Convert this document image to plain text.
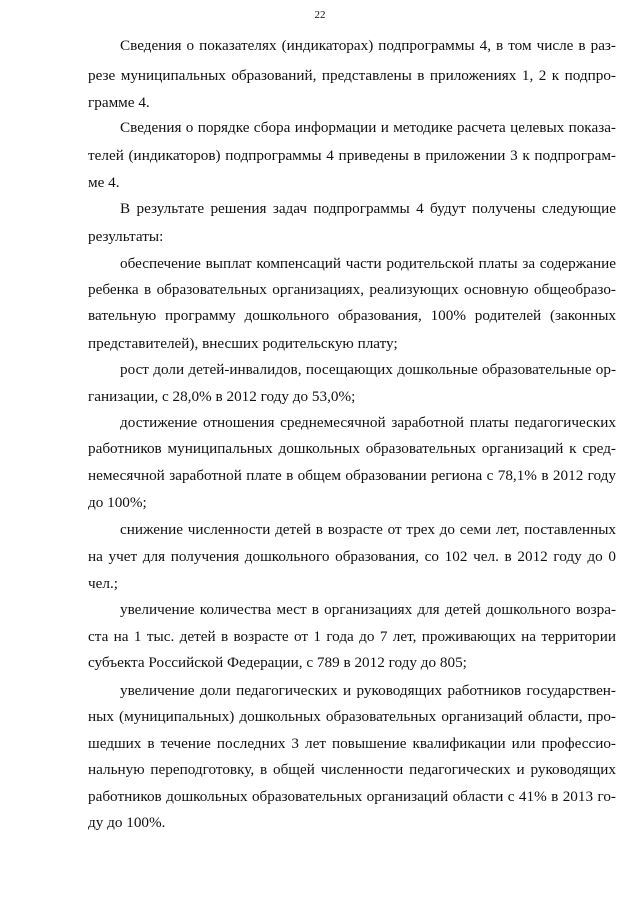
22
Сведения о показателях (индикаторах) подпрограммы 4, в том числе в раз-
резе муниципальных образований, представлены в приложениях 1, 2 к подпро-
грамме 4.
Сведения о порядке сбора информации и методике расчета целевых показа-
телей (индикаторов) подпрограммы 4 приведены в приложении 3 к подпрограм-
ме 4.
В результате решения задач подпрограммы 4 будут получены следующие
результаты:
обеспечение выплат компенсаций части родительской платы за содержание
ребенка в образовательных организациях, реализующих основную общеобразо-
вательную программу дошкольного образования, 100% родителей (законных
представителей), внесших родительскую плату;
рост доли детей-инвалидов, посещающих дошкольные образовательные ор-
ганизации, с 28,0% в 2012 году до 53,0%;
достижение отношения среднемесячной заработной платы педагогических
работников муниципальных дошкольных образовательных организаций к сред-
немесячной заработной плате в общем образовании региона с 78,1% в 2012 году
до 100%;
снижение численности детей в возрасте от трех до семи лет, поставленных
на учет для получения дошкольного образования, со 102 чел. в 2012 году до 0
чел.;
увеличение количества мест в организациях для детей дошкольного возра-
ста на 1 тыс. детей в возрасте от 1 года до 7 лет, проживающих на территории
субъекта Российской Федерации, с 789 в 2012 году до 805;
увеличение доли педагогических и руководящих работников государствен-
ных (муниципальных) дошкольных образовательных организаций области, про-
шедших в течение последних 3 лет повышение квалификации или профессио-
нальную переподготовку, в общей численности педагогических и руководящих
работников дошкольных образовательных организаций области с 41% в 2013 го-
ду до 100%.
